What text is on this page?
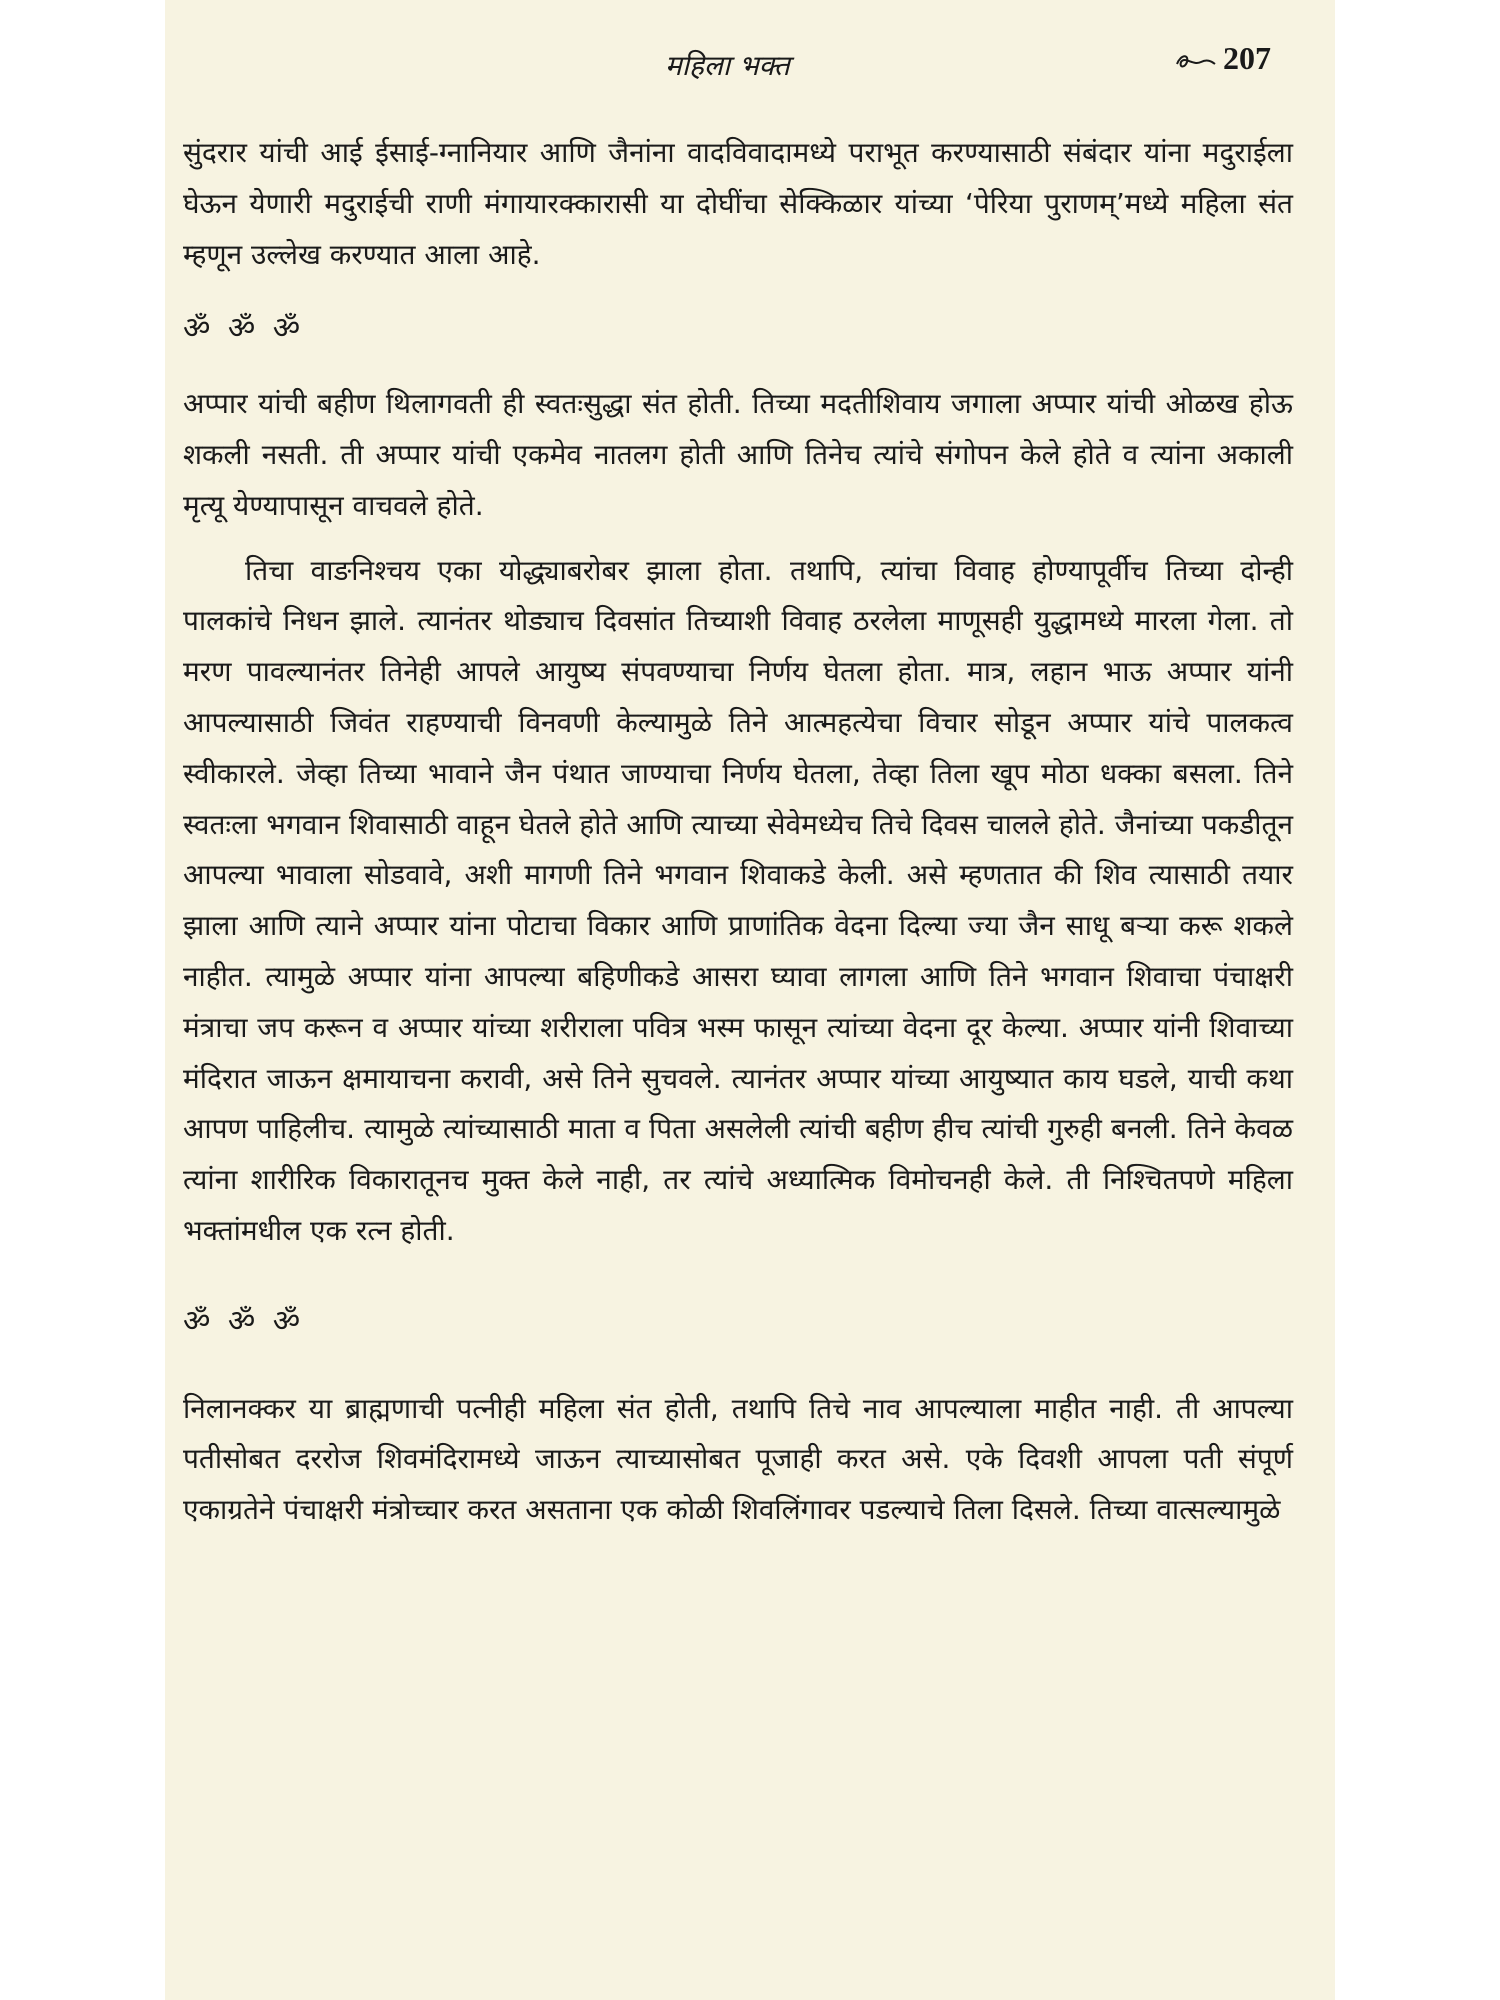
महिला भक्त	207

सुंदरार यांची आई ईसाई-ग्नानियार आणि जैनांना वादविवादामध्ये पराभूत करण्यासाठी संबंदार यांना मदुराईला घेऊन येणारी मदुराईची राणी मंगायारक्कारासी या दोघींचा सेक्किळार यांच्या ‘पेरिया पुराणम्’मध्ये महिला संत म्हणून उल्लेख करण्यात आला आहे.

ॐ ॐ ॐ

अप्पार यांची बहीण थिलागवती ही स्वतःसुद्धा संत होती. तिच्या मदतीशिवाय जगाला अप्पार यांची ओळख होऊ शकली नसती. ती अप्पार यांची एकमेव नातलग होती आणि तिनेच त्यांचे संगोपन केले होते व त्यांना अकाली मृत्यू येण्यापासून वाचवले होते.

तिचा वाङनिश्चय एका योद्ध्याबरोबर झाला होता. तथापि, त्यांचा विवाह होण्यापूर्वीच तिच्या दोन्ही पालकांचे निधन झाले. त्यानंतर थोड्याच दिवसांत तिच्याशी विवाह ठरलेला माणूसही युद्धामध्ये मारला गेला. तो मरण पावल्यानंतर तिनेही आपले आयुष्य संपवण्याचा निर्णय घेतला होता. मात्र, लहान भाऊ अप्पार यांनी आपल्यासाठी जिवंत राहण्याची विनवणी केल्यामुळे तिने आत्महत्येचा विचार सोडून अप्पार यांचे पालकत्व स्वीकारले. जेव्हा तिच्या भावाने जैन पंथात जाण्याचा निर्णय घेतला, तेव्हा तिला खूप मोठा धक्का बसला. तिने स्वतःला भगवान शिवासाठी वाहून घेतले होते आणि त्याच्या सेवेमध्येच तिचे दिवस चालले होते. जैनांच्या पकडीतून आपल्या भावाला सोडवावे, अशी मागणी तिने भगवान शिवाकडे केली. असे म्हणतात की शिव त्यासाठी तयार झाला आणि त्याने अप्पार यांना पोटाचा विकार आणि प्राणांतिक वेदना दिल्या ज्या जैन साधू बऱ्या करू शकले नाहीत. त्यामुळे अप्पार यांना आपल्या बहिणीकडे आसरा घ्यावा लागला आणि तिने भगवान शिवाचा पंचाक्षरी मंत्राचा जप करून व अप्पार यांच्या शरीराला पवित्र भस्म फासून त्यांच्या वेदना दूर केल्या. अप्पार यांनी शिवाच्या मंदिरात जाऊन क्षमायाचना करावी, असे तिने सुचवले. त्यानंतर अप्पार यांच्या आयुष्यात काय घडले, याची कथा आपण पाहिलीच. त्यामुळे त्यांच्यासाठी माता व पिता असलेली त्यांची बहीण हीच त्यांची गुरुही बनली. तिने केवळ त्यांना शारीरिक विकारातूनच मुक्त केले नाही, तर त्यांचे अध्यात्मिक विमोचनही केले. ती निश्चितपणे महिला भक्तांमधील एक रत्न होती.

ॐ ॐ ॐ

निलानक्कर या ब्राह्मणाची पत्नीही महिला संत होती, तथापि तिचे नाव आपल्याला माहीत नाही. ती आपल्या पतीसोबत दररोज शिवमंदिरामध्ये जाऊन त्याच्यासोबत पूजाही करत असे. एके दिवशी आपला पती संपूर्ण एकाग्रतेने पंचाक्षरी मंत्रोच्चार करत असताना एक कोळी शिवलिंगावर पडल्याचे तिला दिसले. तिच्या वात्सल्यामुळे
